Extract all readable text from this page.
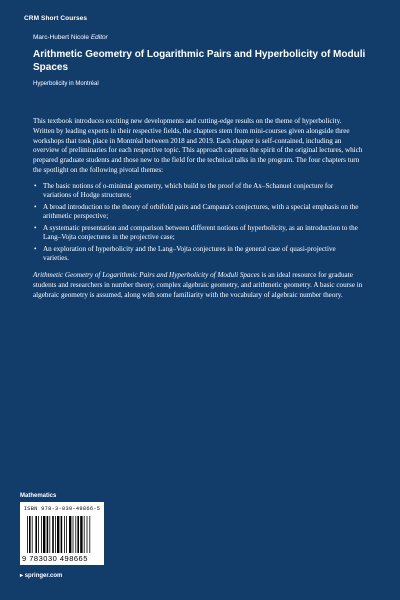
CRM Short Courses
Marc-Hubert Nicole Editor
Arithmetic Geometry of Logarithmic Pairs and Hyperbolicity of Moduli Spaces
Hyperbolicity in Montréal

This textbook introduces exciting new developments and cutting-edge results on the theme of hyperbolicity. Written by leading experts in their respective fields, the chapters stem from mini-courses given alongside three workshops that took place in Montréal between 2018 and 2019. Each chapter is self-contained, including an overview of preliminaries for each respective topic. This approach captures the spirit of the original lectures, which prepared graduate students and those new to the field for the technical talks in the program. The four chapters turn the spotlight on the following pivotal themes:

• The basic notions of o-minimal geometry, which build to the proof of the Ax–Schanuel conjecture for variations of Hodge structures;
• A broad introduction to the theory of orbifold pairs and Campana's conjectures, with a special emphasis on the arithmetic perspective;
• A systematic presentation and comparison between different notions of hyperbolicity, as an introduction to the Lang–Vojta conjectures in the projective case;
• An exploration of hyperbolicity and the Lang–Vojta conjectures in the general case of quasi-projective varieties.

Arithmetic Geometry of Logarithmic Pairs and Hyperbolicity of Moduli Spaces is an ideal resource for graduate students and researchers in number theory, complex algebraic geometry, and arithmetic geometry. A basic course in algebraic geometry is assumed, along with some familiarity with the vocabulary of algebraic number theory.

Mathematics
ISBN 978-3-030-49866-5
9 783030 498665
▸ springer.com
